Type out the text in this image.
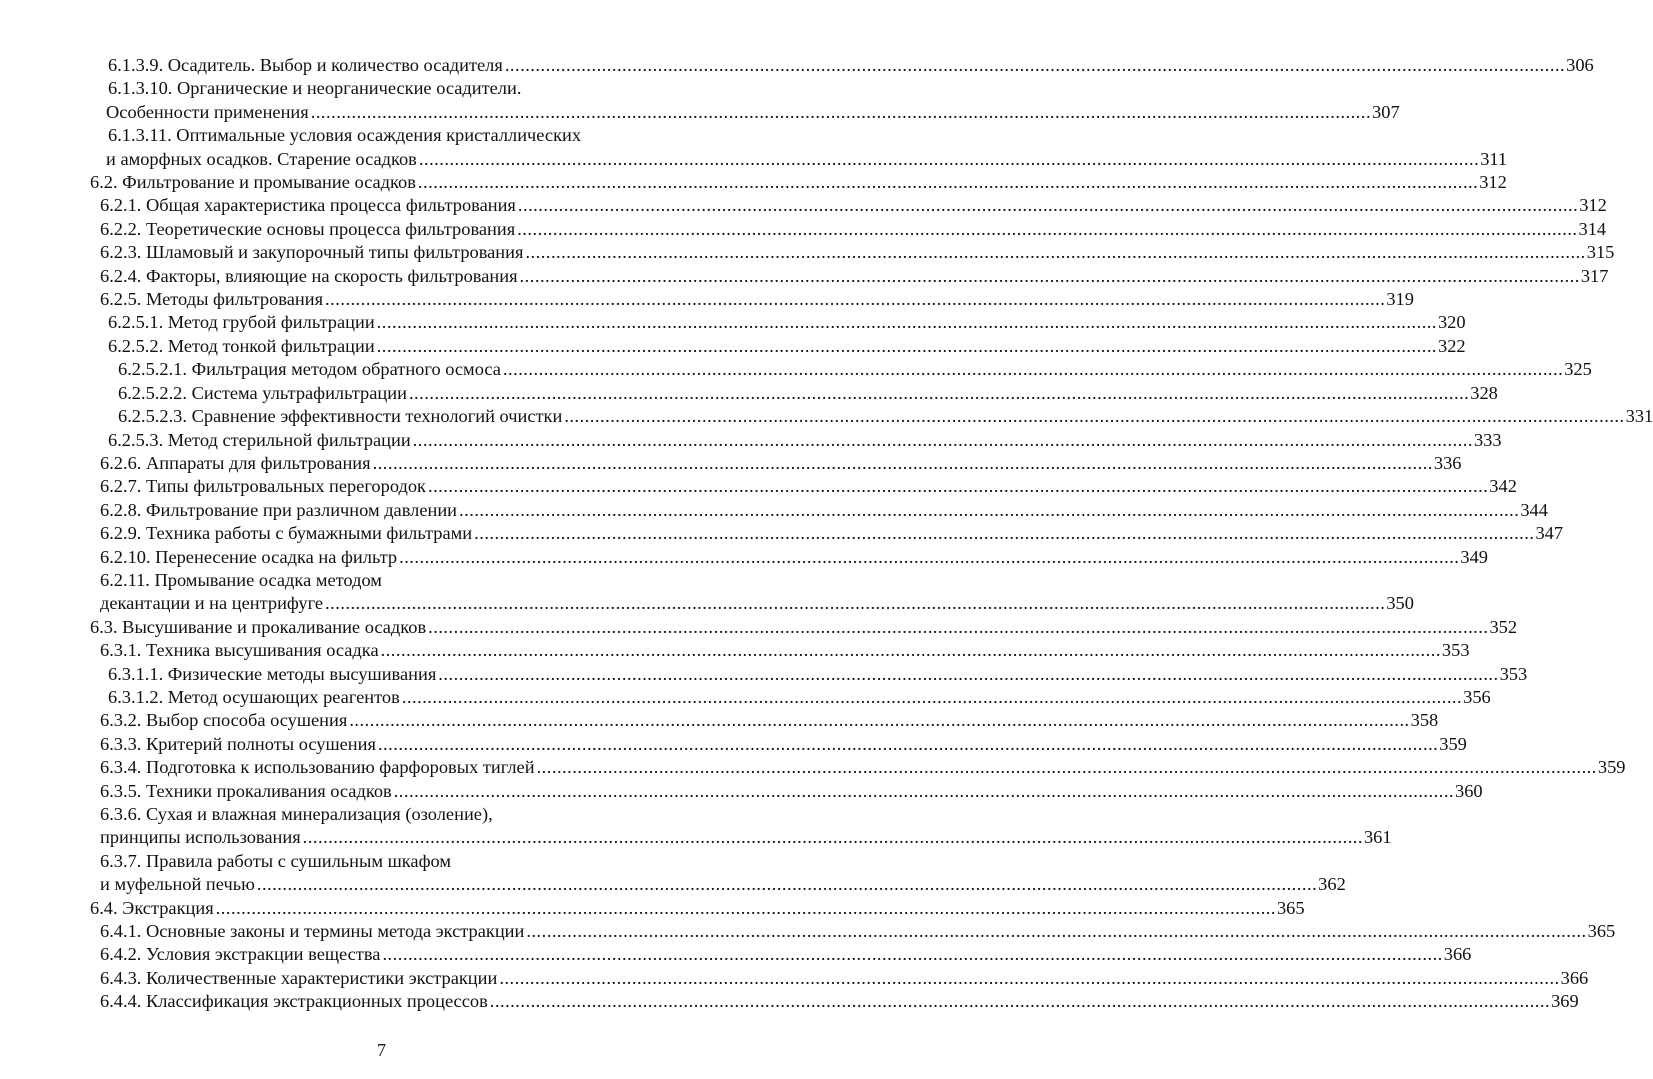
6.1.3.9. Осадитель. Выбор и количество осадителя .....	306
6.1.3.10. Органические и неорганические осадители.
Особенности применения .....	307
6.1.3.11. Оптимальные условия осаждения кристаллических
и аморфных осадков. Старение осадков .....	311
6.2. Фильтрование и промывание осадков .....	312
6.2.1. Общая характеристика процесса фильтрования .....	312
6.2.2. Теоретические основы процесса фильтрования .....	314
6.2.3. Шламовый и закупорочный типы фильтрования .....	315
6.2.4. Факторы, влияющие на скорость фильтрования .....	317
6.2.5. Методы фильтрования .....	319
6.2.5.1. Метод грубой фильтрации .....	320
6.2.5.2. Метод тонкой фильтрации .....	322
6.2.5.2.1. Фильтрация методом обратного осмоса .....	325
6.2.5.2.2. Система ультрафильтрации .....	328
6.2.5.2.3. Сравнение эффективности технологий очистки .....	331
6.2.5.3. Метод стерильной фильтрации .....	333
6.2.6. Аппараты для фильтрования .....	336
6.2.7. Типы фильтровальных перегородок .....	342
6.2.8. Фильтрование при различном давлении .....	344
6.2.9. Техника работы с бумажными фильтрами .....	347
6.2.10. Перенесение осадка на фильтр .....	349
6.2.11. Промывание осадка методом
декантации и на центрифуге .....	350
6.3. Высушивание и прокаливание осадков .....	352
6.3.1. Техника высушивания осадка .....	353
6.3.1.1. Физические методы высушивания .....	353
6.3.1.2. Метод осушающих реагентов .....	356
6.3.2. Выбор способа осушения .....	358
6.3.3. Критерий полноты осушения .....	359
6.3.4. Подготовка к использованию фарфоровых тиглей .....	359
6.3.5. Техники прокаливания осадков .....	360
6.3.6. Сухая и влажная минерализация (озоление),
принципы использования .....	361
6.3.7. Правила работы с сушильным шкафом
и муфельной печью .....	362
6.4. Экстракция .....	365
6.4.1. Основные законы и термины метода экстракции .....	365
6.4.2. Условия экстракции вещества .....	366
6.4.3. Количественные характеристики экстракции .....	366
6.4.4. Классификация экстракционных процессов .....	369
7
